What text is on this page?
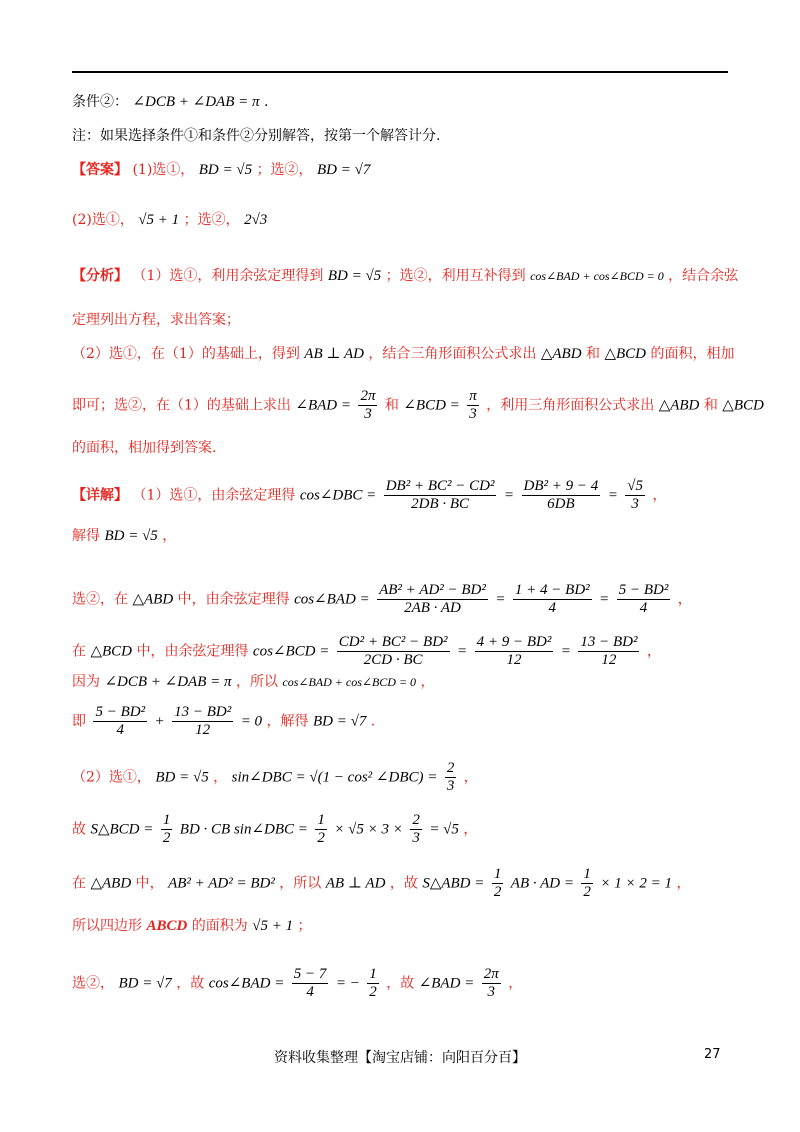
条件②： ∠DCB + ∠DAB = π .
注：如果选择条件①和条件②分别解答，按第一个解答计分.
【答案】 (1)选①， BD = √5 ；选②， BD = √7
(2)选①， √5 + 1 ；选②， 2√3
【分析】 （1）选①，利用余弦定理得到 BD = √5 ；选②，利用互补得到 cos∠BAD + cos∠BCD = 0 ，结合余弦
定理列出方程，求出答案；
（2）选①，在（1）的基础上，得到 AB ⊥ AD ，结合三角形面积公式求出 △ABD 和 △BCD 的面积，相加
即可；选②，在（1）的基础上求出 ∠BAD = $\frac{2\pi}{3}$ 和 ∠BCD = $\frac{\pi}{3}$ ，利用三角形面积公式求出 △ABD 和 △BCD
的面积，相加得到答案.
【详解】 （1）选①，由余弦定理得 cos∠DBC = $\frac{\text{DB² + BC² − CD²}}{2DB \cdot BC} = \frac{\text{DB² + 9 − 4}}{6DB} = \frac{√5}{3}$ ，
解得 BD = √5 ，
选②，在 △ABD 中，由余弦定理得 cos∠BAD = $\frac{\text{AB² + AD² − BD²}}{2AB \cdot AD} = \frac{\text{1 + 4 − BD²}}{4} = \frac{\text{5 − BD²}}{4}$ ，
在 △BCD 中，由余弦定理得 cos∠BCD = $\frac{\text{CD² + BC² − BD²}}{2CD \cdot BC} = \frac{\text{4 + 9 − BD²}}{12} = \frac{\text{13 − BD²}}{12}$ ，
因为 ∠DCB + ∠DAB = π ，所以 cos∠BAD + cos∠BCD = 0 ，
即 $\frac{\text{5 − BD²}}{4} + \frac{\text{13 − BD²}}{12} = 0$ ，解得 BD = √7 .
（2）选①， BD = √5 ， sin∠DBC = √(1 − cos² ∠DBC) = $\frac{2}{3}$ ，
故 S△BCD = $\frac{1}{2}$ BD · CB sin∠DBC = $\frac{1}{2} \times √5 \times 3 \times \frac{2}{3} = √5$ ，
在 △ABD 中， AB² + AD² = BD² ，所以 AB ⊥ AD ，故 S△ABD = $\frac{1}{2}$ AB · AD = $\frac{1}{2} \times 1 \times 2 = 1$ ，
所以四边形 ABCD 的面积为 √5 + 1 ；
选②， BD = √7 ，故 cos∠BAD = $\frac{5 - 7}{4}$ = − $\frac{1}{2}$ ，故 ∠BAD = $\frac{2\pi}{3}$ ，
资料收集整理【淘宝店铺：向阳百分百】	27
